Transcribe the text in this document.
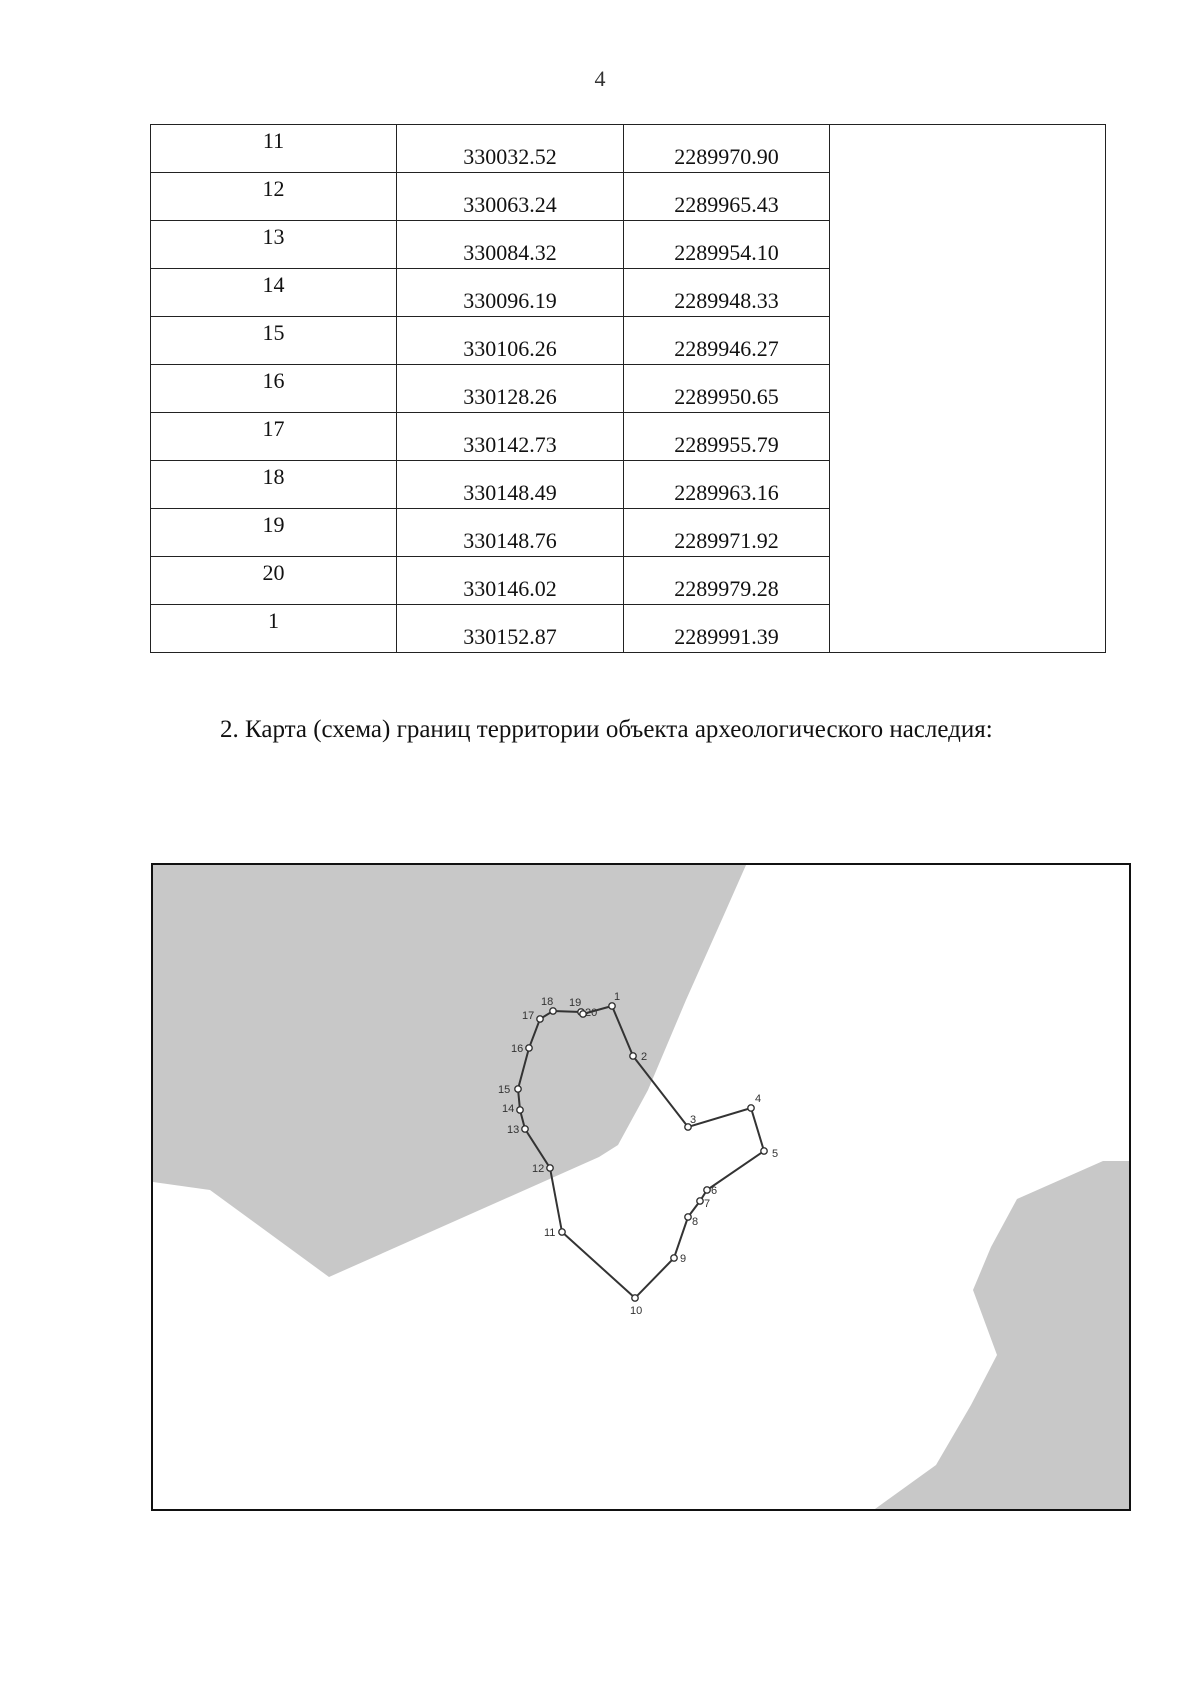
4
11	330032.52	2289970.90	
12	330063.24	2289965.43	
13	330084.32	2289954.10	
14	330096.19	2289948.33	
15	330106.26	2289946.27	
16	330128.26	2289950.65	
17	330142.73	2289955.79	
18	330148.49	2289963.16	
19	330148.76	2289971.92	
20	330146.02	2289979.28	
1	330152.87	2289991.39	
2. Карта (схема) границ территории объекта археологического наследия:
1
2
3
4
5
6
7
8
9
10
11
12
13
14
15
16
17
18 19
20
